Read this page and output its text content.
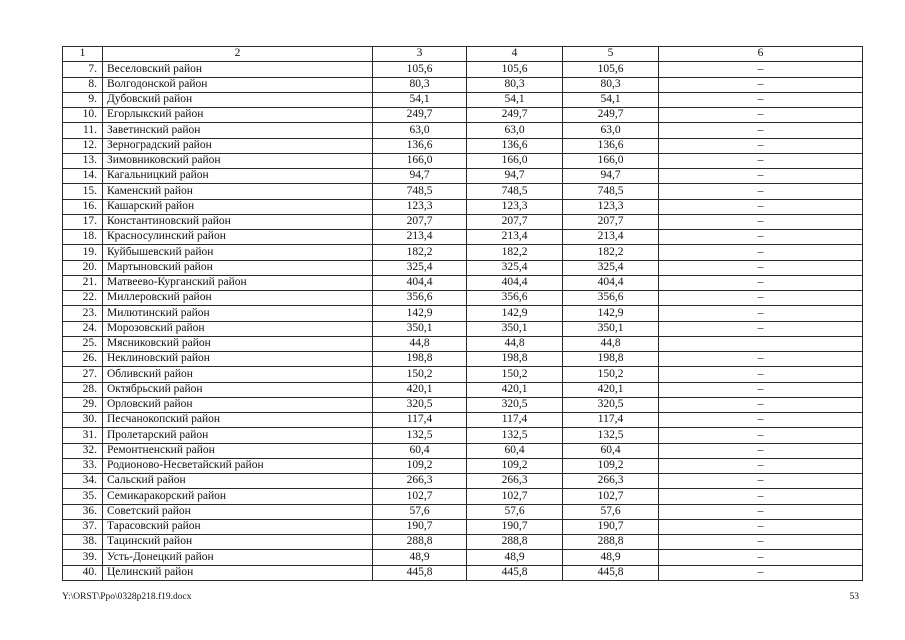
1	2	3	4	5	6
7.	Веселовский район	105,6	105,6	105,6	–
8.	Волгодонской район	80,3	80,3	80,3	–
9.	Дубовский район	54,1	54,1	54,1	–
10.	Егорлыкский район	249,7	249,7	249,7	–
11.	Заветинский район	63,0	63,0	63,0	–
12.	Зерноградский район	136,6	136,6	136,6	–
13.	Зимовниковский район	166,0	166,0	166,0	–
14.	Кагальницкий район	94,7	94,7	94,7	–
15.	Каменский район	748,5	748,5	748,5	–
16.	Кашарский район	123,3	123,3	123,3	–
17.	Константиновский район	207,7	207,7	207,7	–
18.	Красносулинский район	213,4	213,4	213,4	–
19.	Куйбышевский район	182,2	182,2	182,2	–
20.	Мартыновский район	325,4	325,4	325,4	–
21.	Матвеево-Курганский район	404,4	404,4	404,4	–
22.	Миллеровский район	356,6	356,6	356,6	–
23.	Милютинский район	142,9	142,9	142,9	–
24.	Морозовский район	350,1	350,1	350,1	–
25.	Мясниковский район	44,8	44,8	44,8	
26.	Неклиновский район	198,8	198,8	198,8	–
27.	Обливский район	150,2	150,2	150,2	–
28.	Октябрьский район	420,1	420,1	420,1	–
29.	Орловский район	320,5	320,5	320,5	–
30.	Песчанокопский район	117,4	117,4	117,4	–
31.	Пролетарский район	132,5	132,5	132,5	–
32.	Ремонтненский район	60,4	60,4	60,4	–
33.	Родионово-Несветайский район	109,2	109,2	109,2	–
34.	Сальский район	266,3	266,3	266,3	–
35.	Семикаракорский район	102,7	102,7	102,7	–
36.	Советский район	57,6	57,6	57,6	–
37.	Тарасовский район	190,7	190,7	190,7	–
38.	Тацинский район	288,8	288,8	288,8	–
39.	Усть-Донецкий район	48,9	48,9	48,9	–
40.	Целинский район	445,8	445,8	445,8	–
Y:\ORST\Ppo\0328p218.f19.docx	53
